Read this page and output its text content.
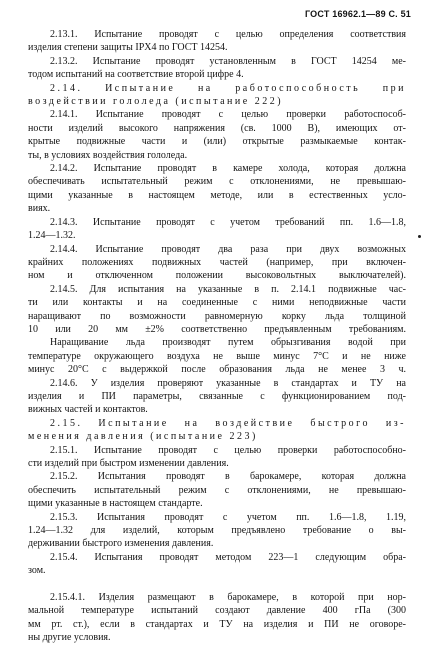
ГОСТ 16962.1—89 С. 51
2.13.1. Испытание проводят с целью определения соответствия
изделия степени защиты IPX4 по ГОСТ 14254.
2.13.2. Испытание проводят установленным в ГОСТ 14254 ме-
тодом испытаний на соответствие второй цифре 4.
2.14. Испытание на работоспособность при
воздействии гололеда (испытание 222)
2.14.1. Испытание проводят с целью проверки работоспособ-
ности изделий высокого напряжения (св. 1000 В), имеющих от-
крытые подвижные части и (или) открытые размыкаемые контак-
ты, в условиях воздействия гололеда.
2.14.2. Испытание проводят в камере холода, которая должна
обеспечивать испытательный режим с отклонениями, не превышаю-
щими указанные в настоящем методе, или в естественных усло-
виях.
2.14.3. Испытание проводят с учетом требований пп. 1.6—1.8,
1.24—1.32.
2.14.4. Испытание проводят два раза при двух возможных
крайних положениях подвижных частей (например, при включен-
ном и отключенном положении высоковольтных выключателей).
2.14.5. Для испытания на указанные в п. 2.14.1 подвижные час-
ти или контакты и на соединенные с ними неподвижные части
наращивают по возможности равномерную корку льда толщиной
10 или 20 мм ±2% соответственно предъявленным требованиям.
Наращивание льда производят путем обрызгивания водой при
температуре окружающего воздуха не выше минус 7°С и не ниже
минус 20°С с выдержкой после образования льда не менее 3 ч.
2.14.6. У изделия проверяют указанные в стандартах и ТУ на
изделия и ПИ параметры, связанные с функционированием под-
вижных частей и контактов.
2.15. Испытание на воздействие быстрого из-
менения давления (испытание 223)
2.15.1. Испытание проводят с целью проверки работоспособно-
сти изделий при быстром изменении давления.
2.15.2. Испытания проводят в барокамере, которая должна
обеспечить испытательный режим с отклонениями, не превышаю-
щими указанные в настоящем стандарте.
2.15.3. Испытания проводят с учетом пп. 1.6—1.8, 1.19,
1.24—1.32 для изделий, которым предъявлено требование о вы-
держивании быстрого изменения давления.
2.15.4. Испытания проводят методом 223—1 следующим обра-
зом.

2.15.4.1. Изделия размещают в барокамере, в которой при нор-
мальной температуре испытаний создают давление 400 гПа (300
мм рт. ст.), если в стандартах и ТУ на изделия и ПИ не оговоре-
ны другие условия.
